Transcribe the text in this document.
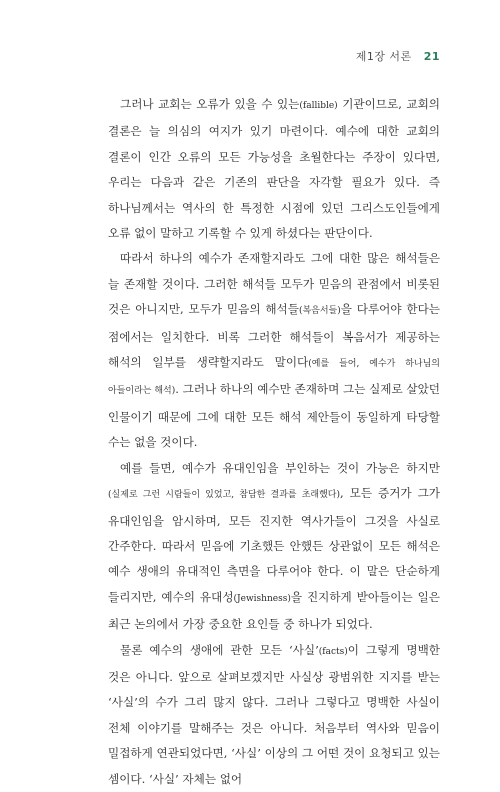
제1장 서론 21

그러나 교회는 오류가 있을 수 있는(fallible) 기관이므로, 교회의 결론은 늘 의심의 여지가 있기 마련이다. 예수에 대한 교회의 결론이 인간 오류의 모든 가능성을 초월한다는 주장이 있다면, 우리는 다음과 같은 기존의 판단을 자각할 필요가 있다. 즉 하나님께서는 역사의 한 특정한 시점에 있던 그리스도인들에게 오류 없이 말하고 기록할 수 있게 하셨다는 판단이다.

따라서 하나의 예수가 존재할지라도 그에 대한 많은 해석들은 늘 존재할 것이다. 그러한 해석들 모두가 믿음의 관점에서 비롯된 것은 아니지만, 모두가 믿음의 해석들(복음서들)을 다루어야 한다는 점에서는 일치한다. 비록 그러한 해석들이 복음서가 제공하는 해석의 일부를 생략할지라도 말이다(예를 들어, 예수가 하나님의 아들이라는 해석). 그러나 하나의 예수만 존재하며 그는 실제로 살았던 인물이기 때문에 그에 대한 모든 해석 제안들이 동일하게 타당할 수는 없을 것이다.

예를 들면, 예수가 유대인임을 부인하는 것이 가능은 하지만(실제로 그런 시람들이 있었고, 참담한 결과를 초래했다), 모든 증거가 그가 유대인임을 암시하며, 모든 진지한 역사가들이 그것을 사실로 간주한다. 따라서 믿음에 기초했든 안했든 상관없이 모든 해석은 예수 생애의 유대적인 측면을 다루어야 한다. 이 말은 단순하게 들리지만, 예수의 유대성(Jewishness)을 진지하게 받아들이는 일은 최근 논의에서 가장 중요한 요인들 중 하나가 되었다.

물론 예수의 생애에 관한 모든 ‘사실’(facts)이 그렇게 명백한 것은 아니다. 앞으로 살펴보겠지만 사실상 광범위한 지지를 받는 ‘사실’의 수가 그리 많지 않다. 그러나 그렇다고 명백한 사실이 전체 이야기를 말해주는 것은 아니다. 처음부터 역사와 믿음이 밀접하게 연관되었다면, ‘사실’ 이상의 그 어떤 것이 요청되고 있는 셈이다. ‘사실’ 자체는 없어
